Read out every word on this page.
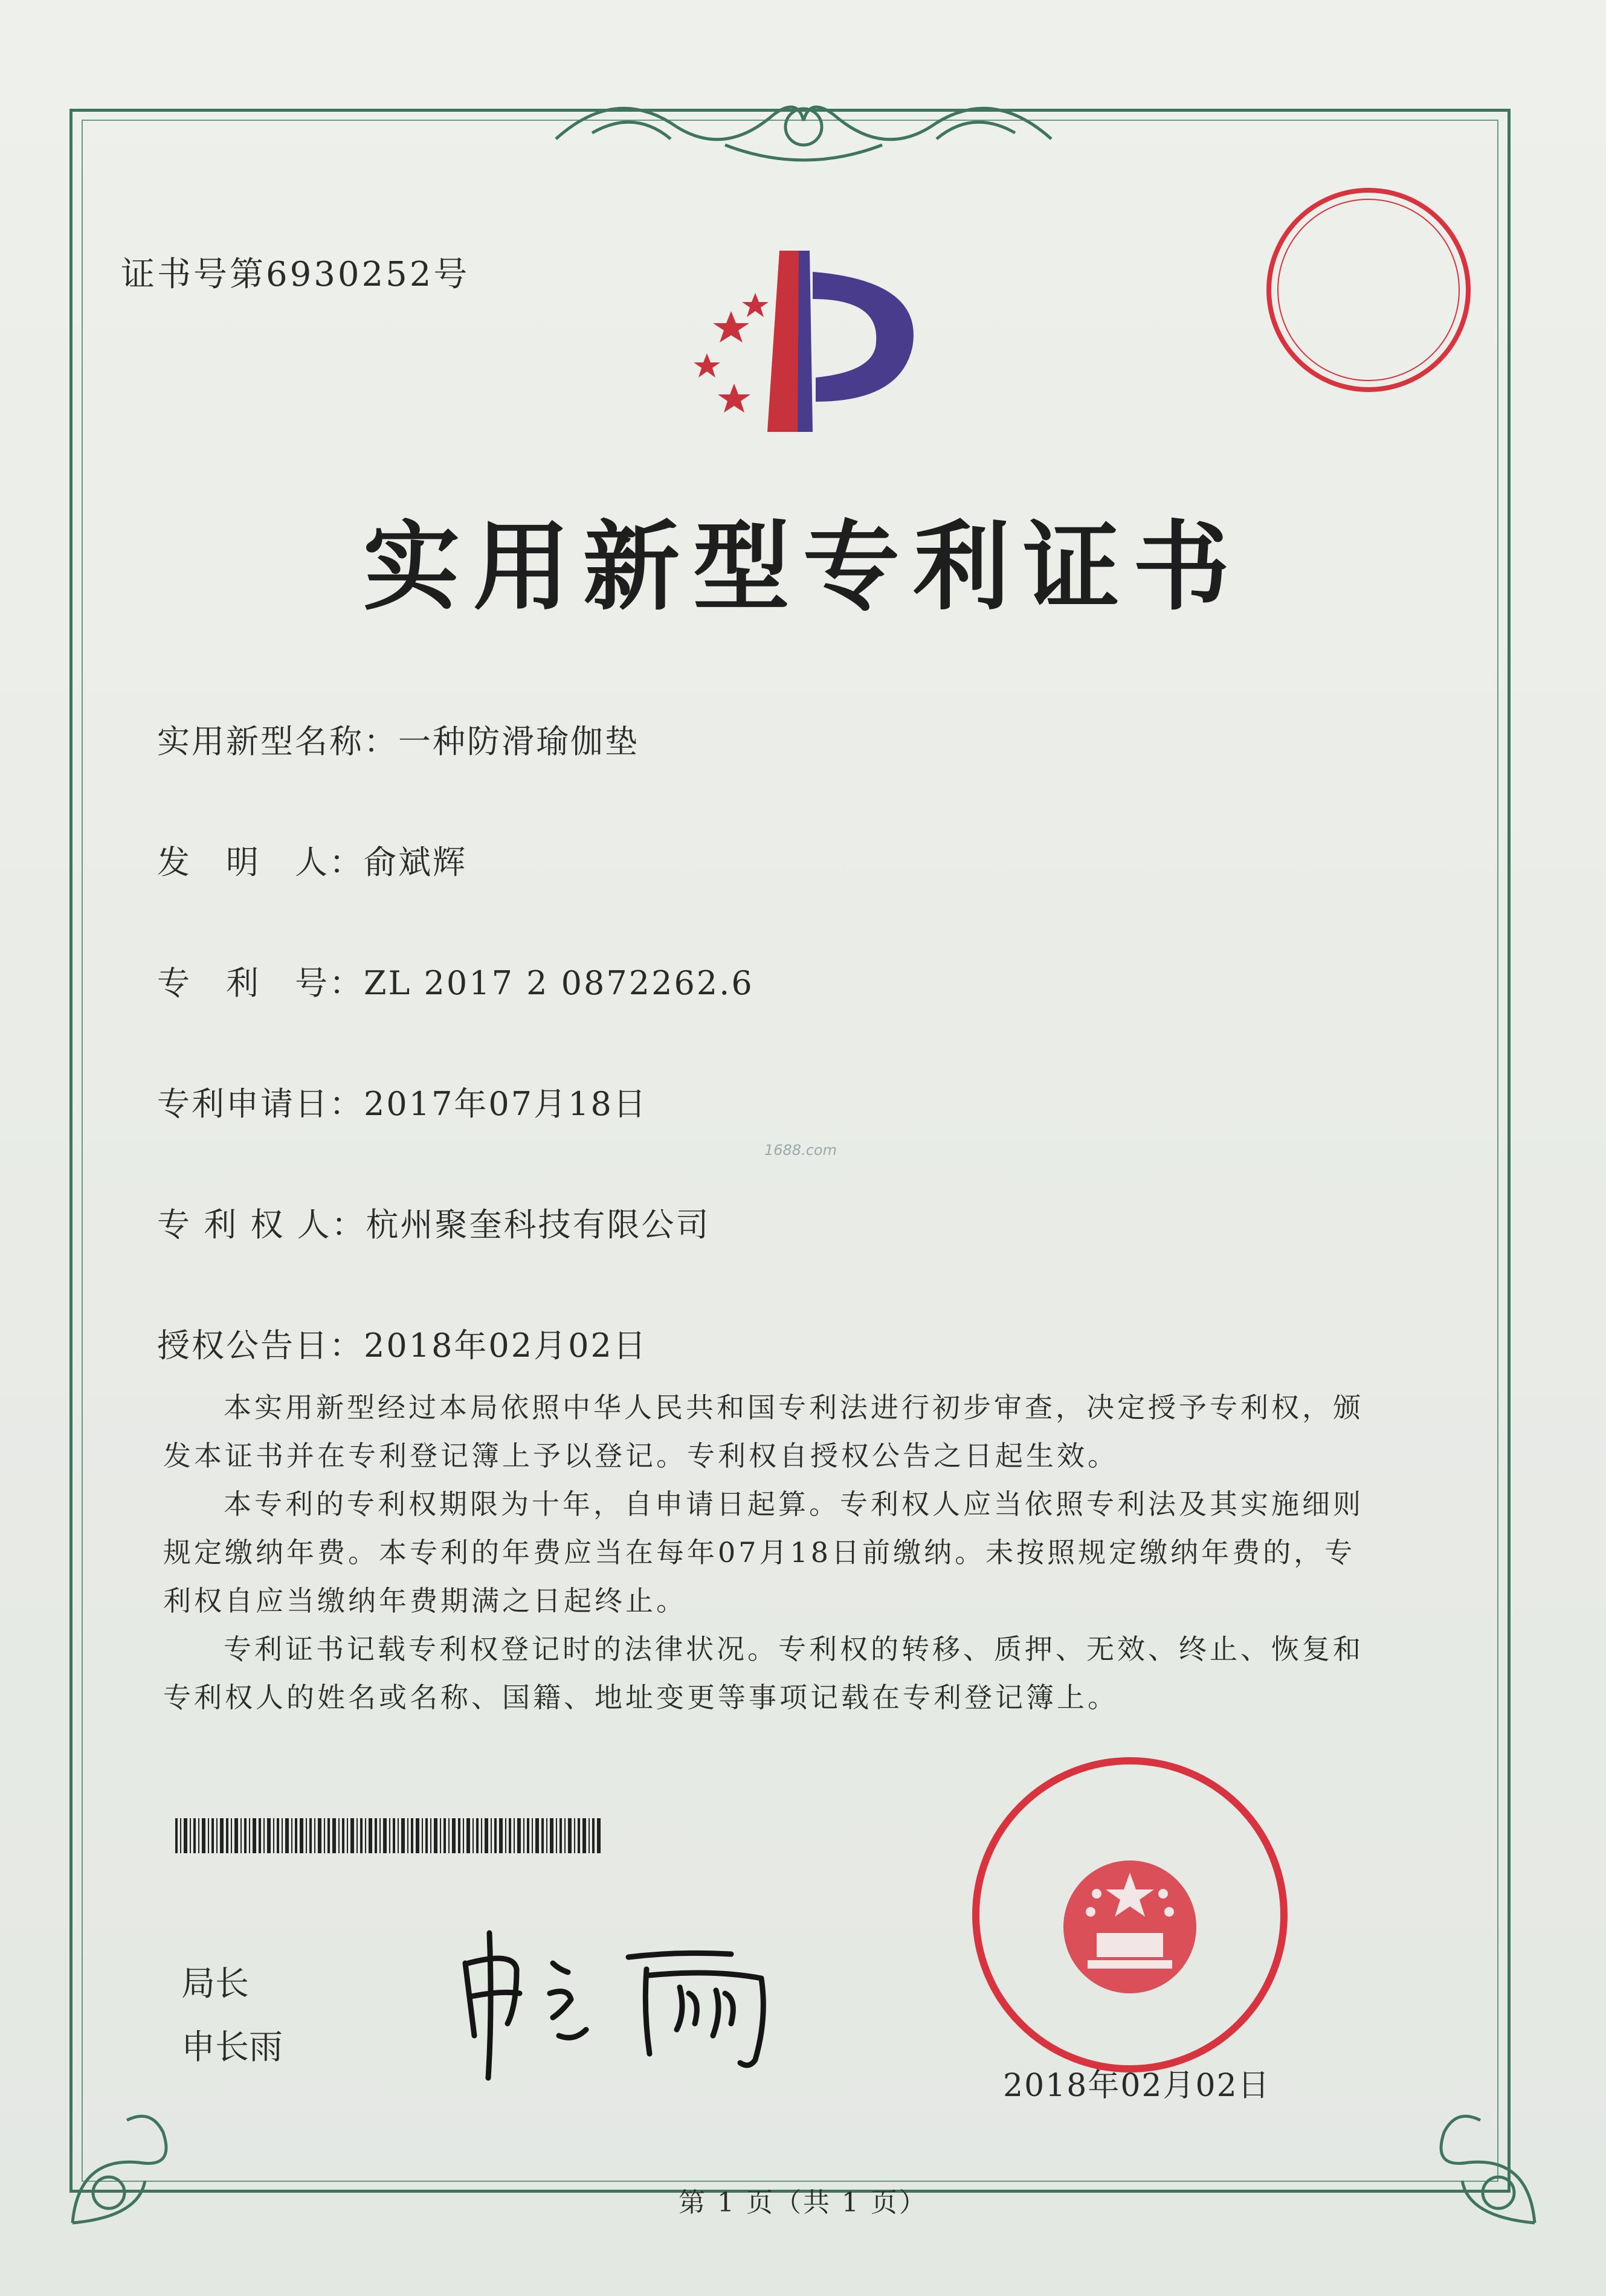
证书号第6930252号
实用新型专利证书
实用新型名称：一种防滑瑜伽垫
发　明　人：俞斌辉
专　利　号：ZL 2017 2 0872262.6
专利申请日：2017年07月18日
1688.com
专 利 权 人：杭州聚奎科技有限公司
授权公告日：2018年02月02日

本实用新型经过本局依照中华人民共和国专利法进行初步审查，决定授予专利权，颁发本证书并在专利登记簿上予以登记。专利权自授权公告之日起生效。

本专利的专利权期限为十年，自申请日起算。专利权人应当依照专利法及其实施细则规定缴纳年费。本专利的年费应当在每年07月18日前缴纳。未按照规定缴纳年费的，专利权自应当缴纳年费期满之日起终止。

专利证书记载专利权登记时的法律状况。专利权的转移、质押、无效、终止、恢复和专利权人的姓名或名称、国籍、地址变更等事项记载在专利登记簿上。

局长
申长雨
2018年02月02日
第 1 页（共 1 页）
